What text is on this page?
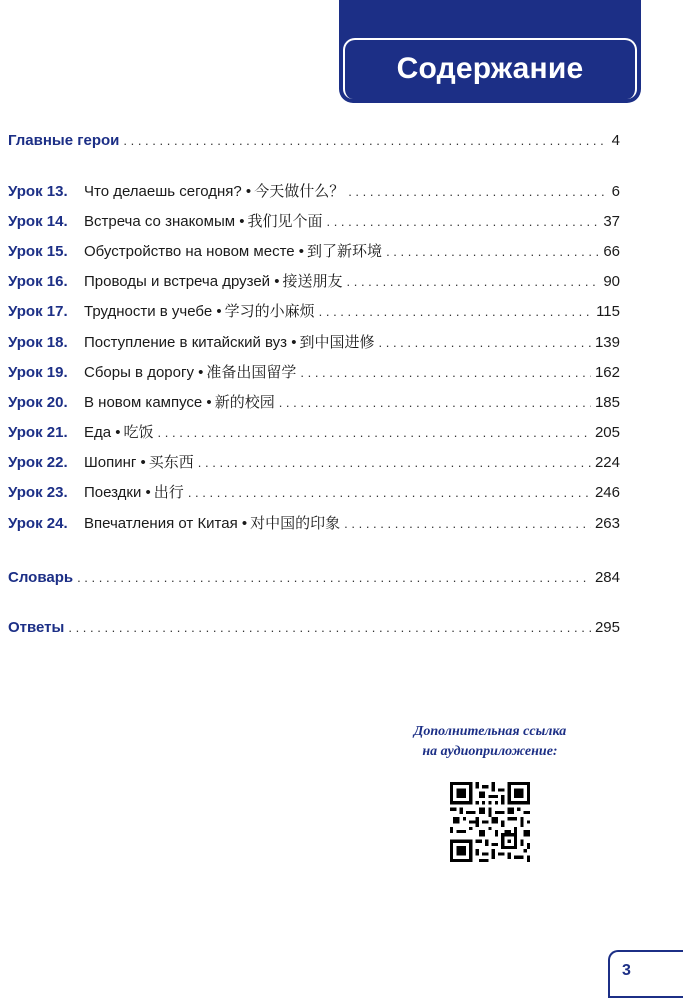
Содержание
Главные герои . . .	4
Урок 13.	Что делаешь сегодня? • 今天做什么？ . . .	6
Урок 14.	Встреча со знакомым • 我们见个面 . . .	37
Урок 15.	Обустройство на новом месте • 到了新环境 . . .	66
Урок 16.	Проводы и встреча друзей • 接送朋友 . . .	90
Урок 17.	Трудности в учебе • 学习的小麻烦 . . .	115
Урок 18.	Поступление в китайский вуз • 到中国进修 . . .	139
Урок 19.	Сборы в дорогу • 准备出国留学 . . .	162
Урок 20.	В новом кампусе • 新的校园 . . .	185
Урок 21.	Еда • 吃饭 . . .	205
Урок 22.	Шопинг • 买东西 . . .	224
Урок 23.	Поездки • 出行 . . .	246
Урок 24.	Впечатления от Китая • 对中国的印象 . . .	263
Словарь . . .	284
Ответы . . .	295
Дополнительная ссылка
на аудиоприложение:
3
